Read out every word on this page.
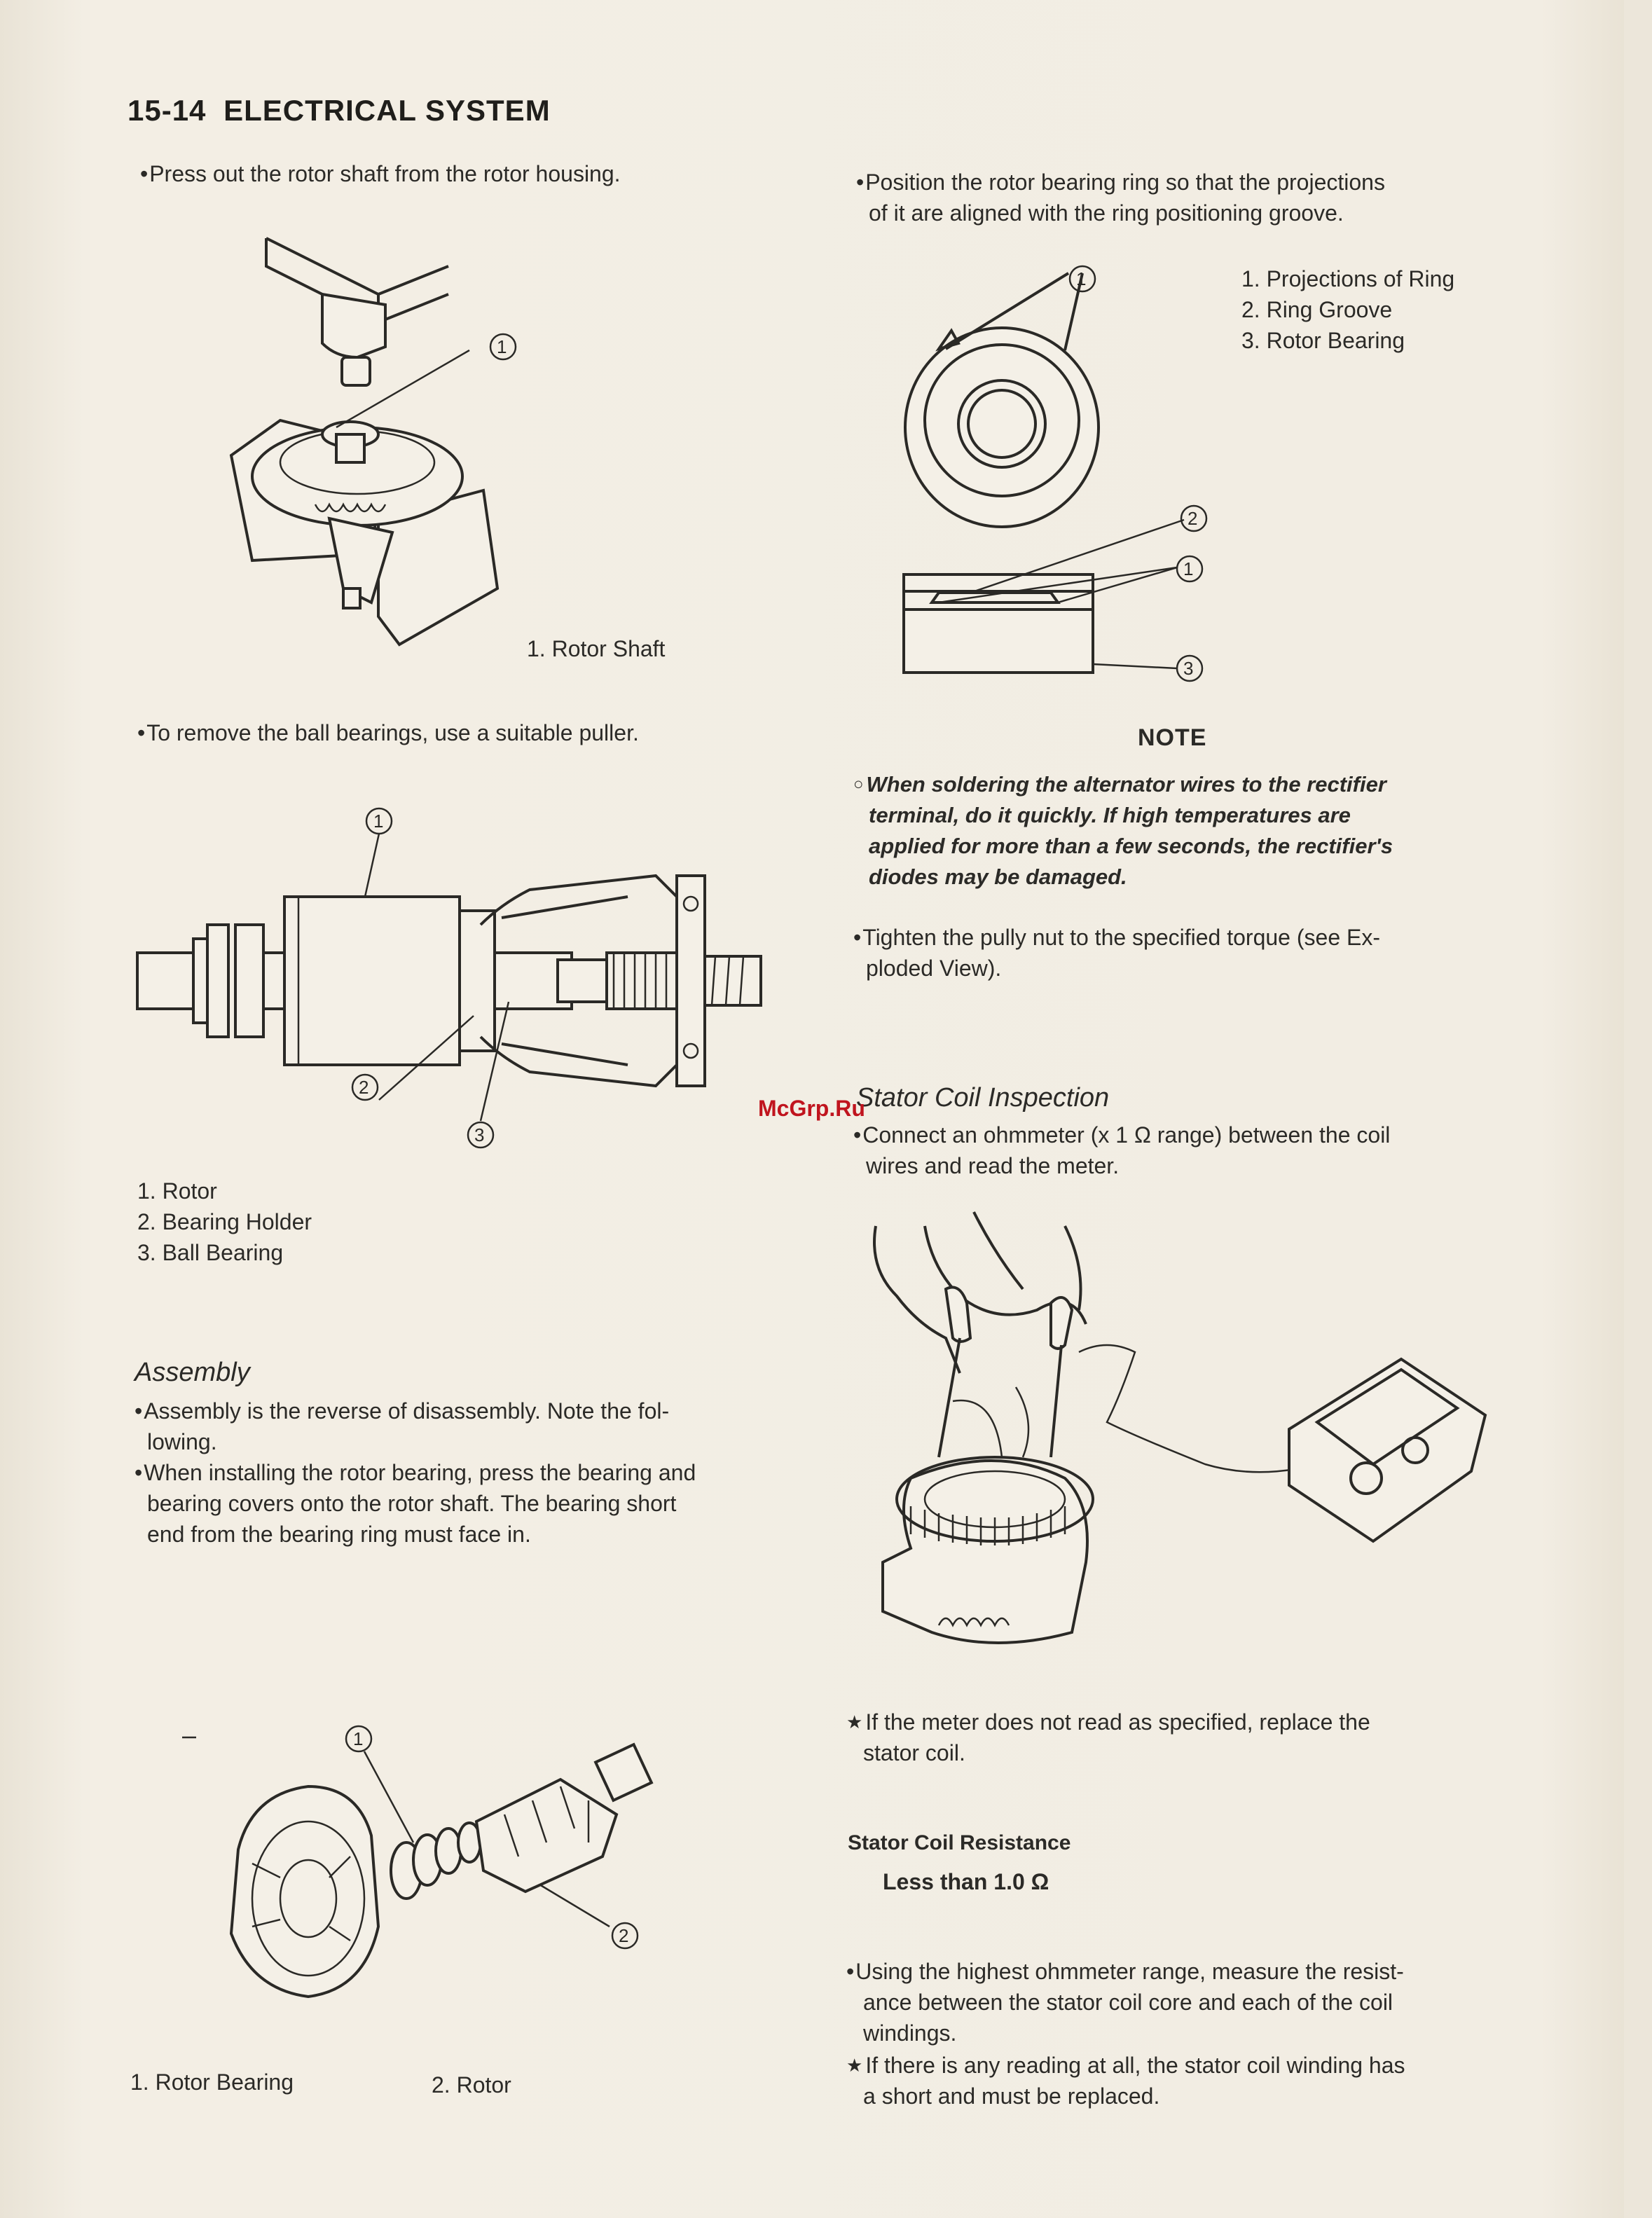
15-14 ELECTRICAL SYSTEM
• Press out the rotor shaft from the rotor housing.
1
1. Rotor Shaft
• To remove the ball bearings, use a suitable puller.
1
2
3
1. Rotor
2. Bearing Holder
3. Ball Bearing
Assembly
• Assembly is the reverse of disassembly. Note the fol-
lowing.
• When installing the rotor bearing, press the bearing and
bearing covers onto the rotor shaft. The bearing short
end from the bearing ring must face in.
1
2
1. Rotor Bearing	2. Rotor
• Position the rotor bearing ring so that the projections
of it are aligned with the ring positioning groove.
1
2
1
3
1. Projections of Ring
2. Ring Groove
3. Rotor Bearing
NOTE
○ When soldering the alternator wires to the rectifier
terminal, do it quickly. If high temperatures are
applied for more than a few seconds, the rectifier's
diodes may be damaged.
• Tighten the pully nut to the specified torque (see Ex-
ploded View).
Stator Coil Inspection
McGrp.Ru
• Connect an ohmmeter (x 1 Ω range) between the coil
wires and read the meter.
★ If the meter does not read as specified, replace the
stator coil.
Stator Coil Resistance
Less than 1.0 Ω
• Using the highest ohmmeter range, measure the resist-
ance between the stator coil core and each of the coil
windings.
★ If there is any reading at all, the stator coil winding has
a short and must be replaced.
